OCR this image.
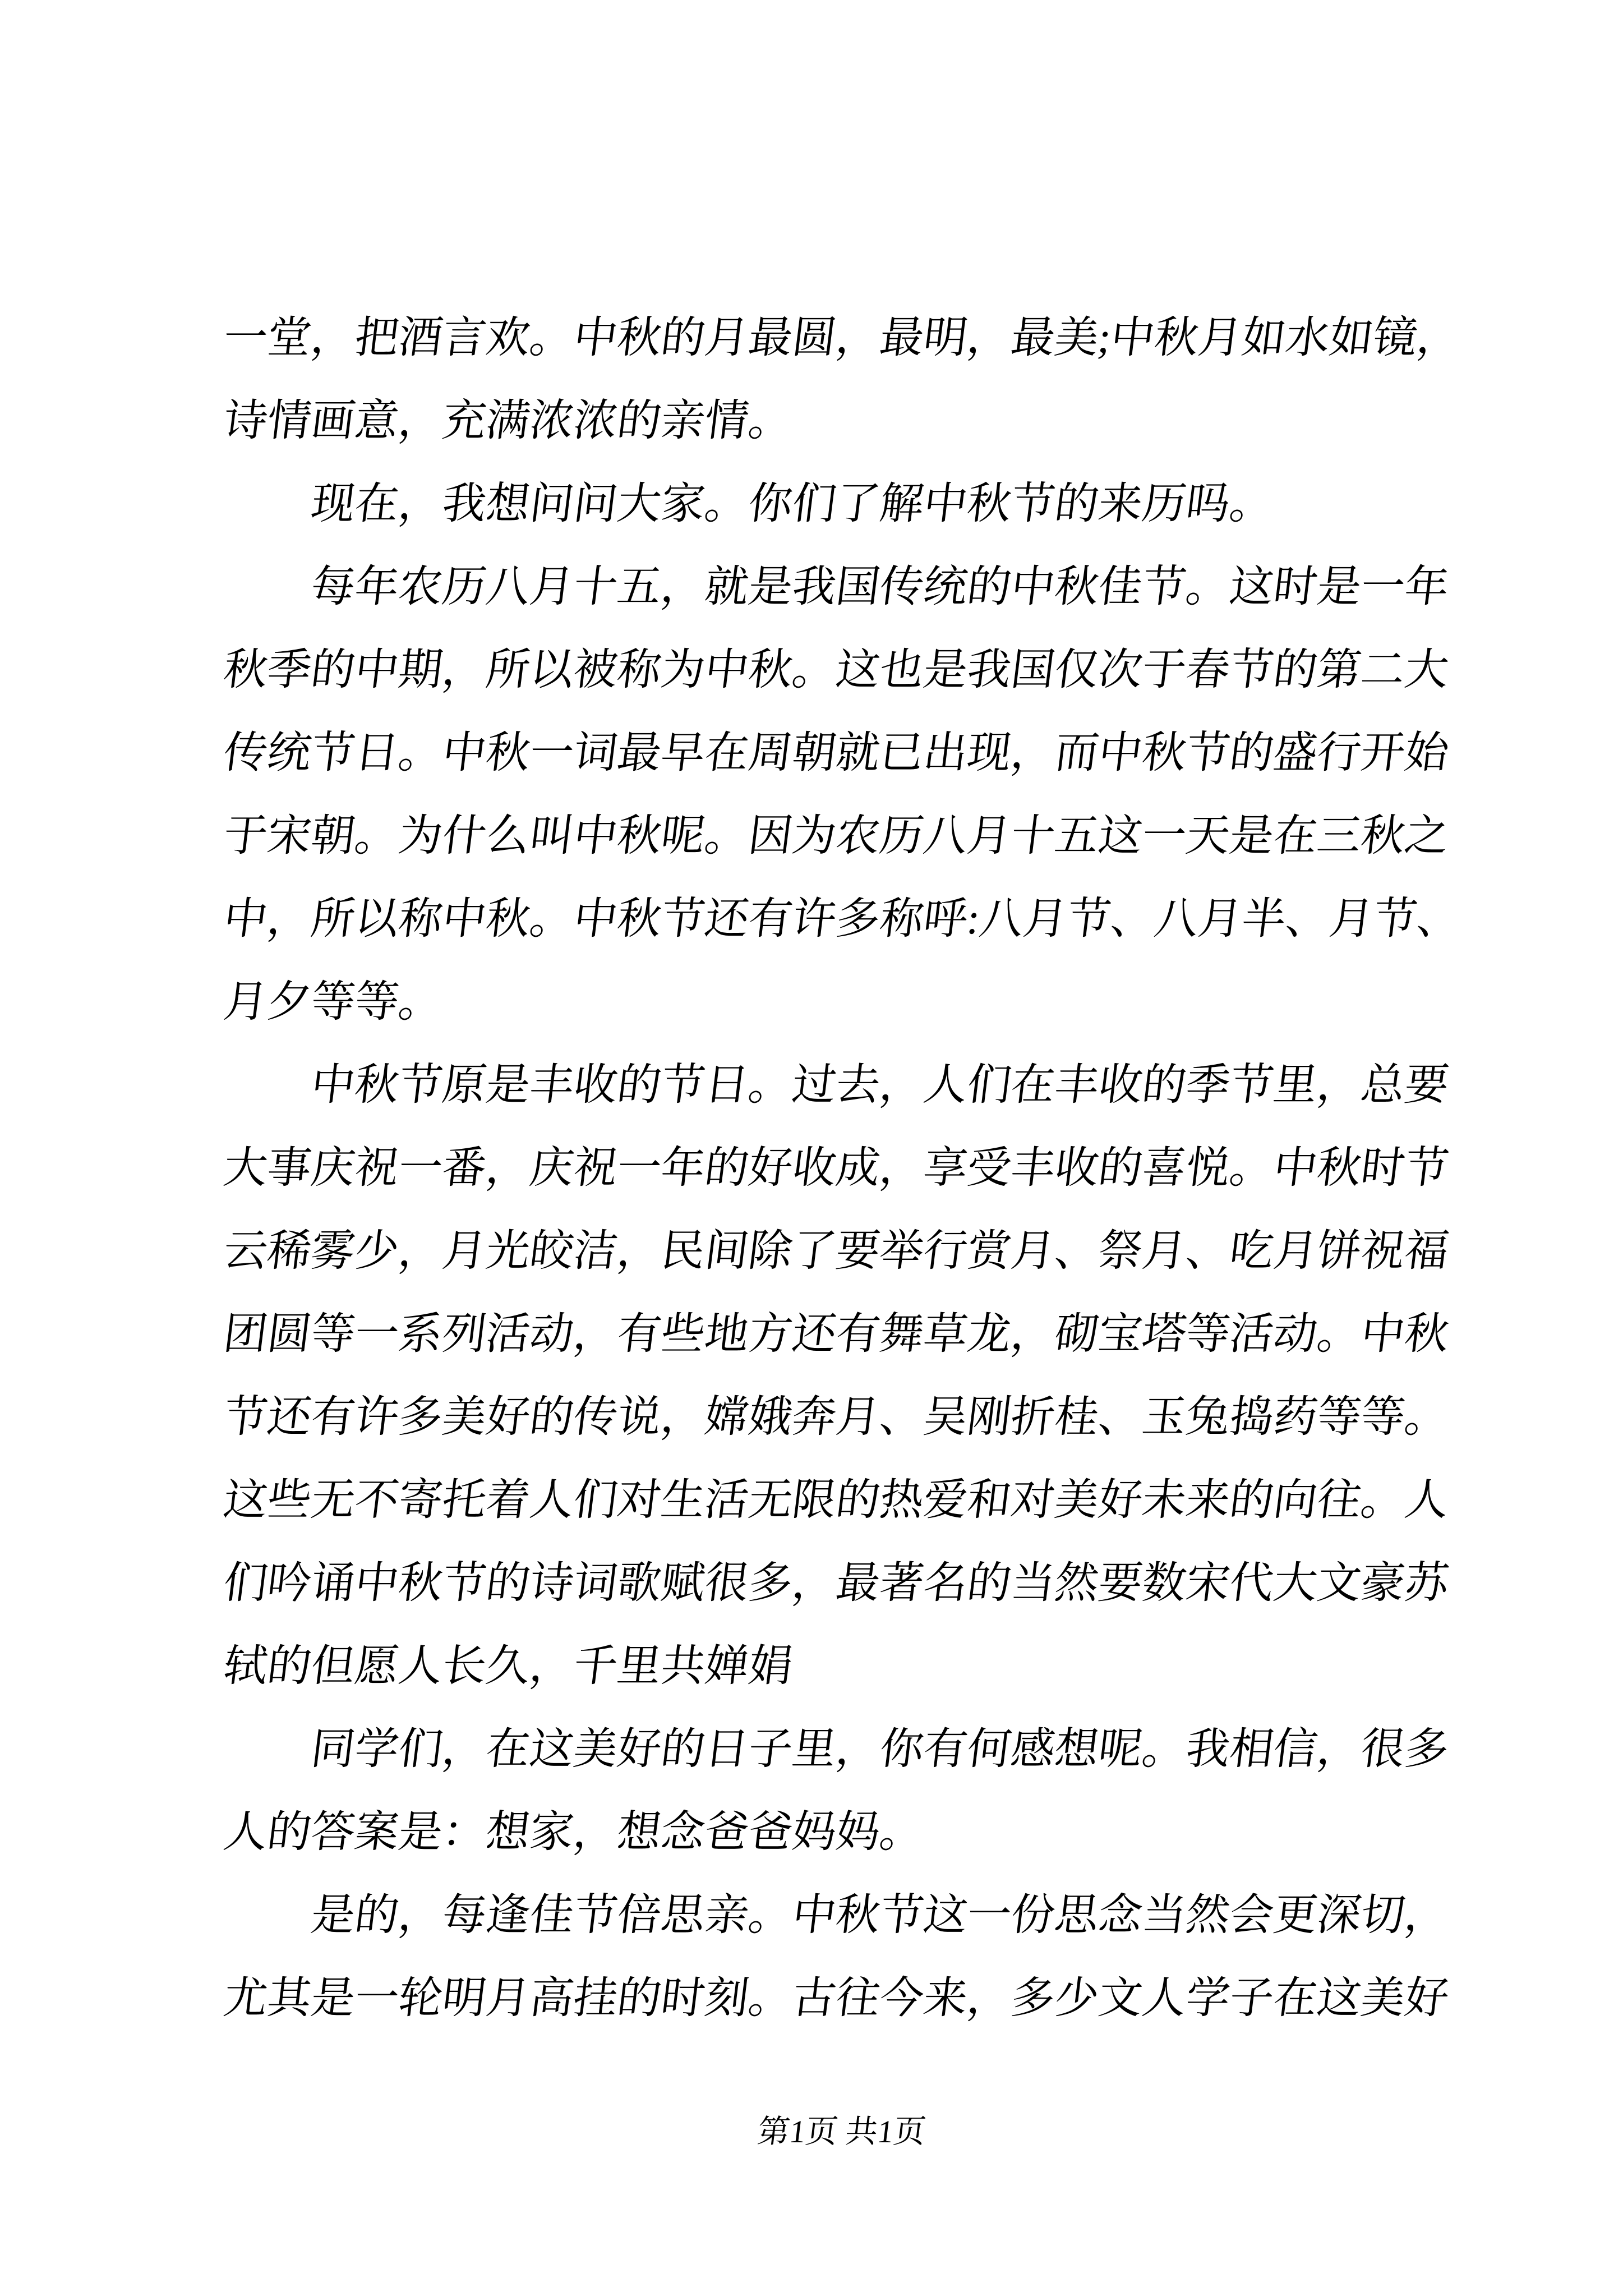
一堂，把酒言欢。中秋的月最圆，最明，最美;中秋月如水如镜，
诗情画意，充满浓浓的亲情。
现在，我想问问大家。你们了解中秋节的来历吗。
每年农历八月十五，就是我国传统的中秋佳节。这时是一年
秋季的中期，所以被称为中秋。这也是我国仅次于春节的第二大
传统节日。中秋一词最早在周朝就已出现，而中秋节的盛行开始
于宋朝。为什么叫中秋呢。因为农历八月十五这一天是在三秋之
中，所以称中秋。中秋节还有许多称呼:八月节、八月半、月节、
月夕等等。
中秋节原是丰收的节日。过去，人们在丰收的季节里，总要
大事庆祝一番，庆祝一年的好收成，享受丰收的喜悦。中秋时节
云稀雾少，月光皎洁，民间除了要举行赏月、祭月、吃月饼祝福
团圆等一系列活动，有些地方还有舞草龙，砌宝塔等活动。中秋
节还有许多美好的传说，嫦娥奔月、吴刚折桂、玉兔捣药等等。
这些无不寄托着人们对生活无限的热爱和对美好未来的向往。人
们吟诵中秋节的诗词歌赋很多，最著名的当然要数宋代大文豪苏
轼的但愿人长久，千里共婵娟
同学们，在这美好的日子里，你有何感想呢。我相信，很多
人的答案是：想家，想念爸爸妈妈。
是的，每逢佳节倍思亲。中秋节这一份思念当然会更深切，
尤其是一轮明月高挂的时刻。古往今来，多少文人学子在这美好
第1页 共1页
